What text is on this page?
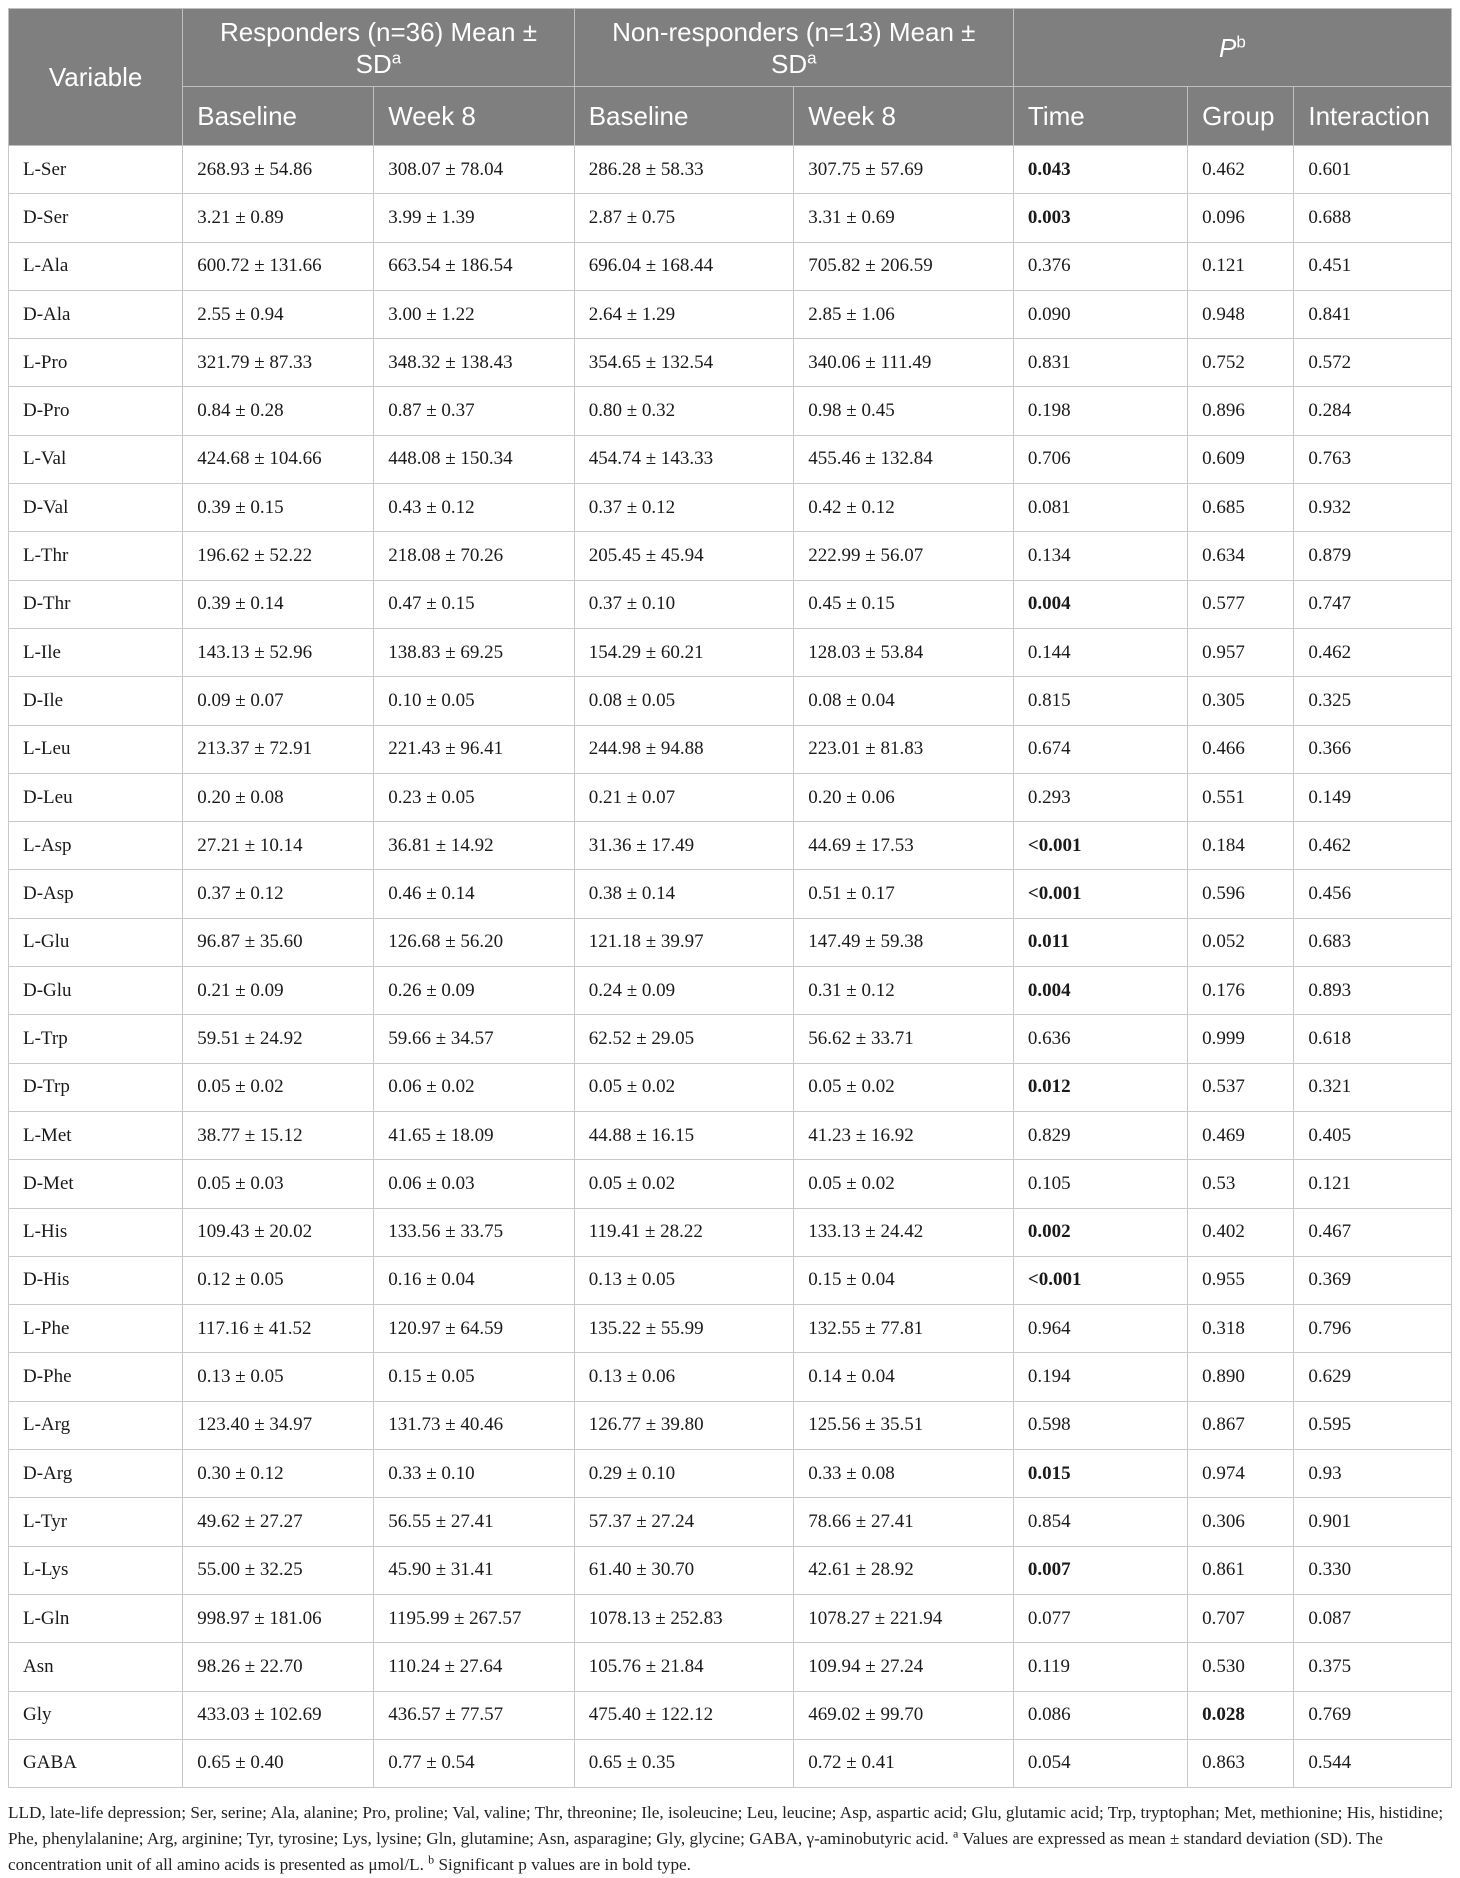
Variable	Responders (n=36) Mean ± $SD^a$		Non-responders (n=13) Mean ± $SD^a$		$P^b$
	Baseline	Week 8	Baseline	Week 8	Time	Group	Interaction
L-Ser	268.93 ± 54.86	308.07 ± 78.04	286.28 ± 58.33	307.75 ± 57.69	0.043	0.462	0.601
D-Ser	3.21 ± 0.89	3.99 ± 1.39	2.87 ± 0.75	3.31 ± 0.69	0.003	0.096	0.688
L-Ala	600.72 ± 131.66	663.54 ± 186.54	696.04 ± 168.44	705.82 ± 206.59	0.376	0.121	0.451
D-Ala	2.55 ± 0.94	3.00 ± 1.22	2.64 ± 1.29	2.85 ± 1.06	0.090	0.948	0.841
L-Pro	321.79 ± 87.33	348.32 ± 138.43	354.65 ± 132.54	340.06 ± 111.49	0.831	0.752	0.572
D-Pro	0.84 ± 0.28	0.87 ± 0.37	0.80 ± 0.32	0.98 ± 0.45	0.198	0.896	0.284
L-Val	424.68 ± 104.66	448.08 ± 150.34	454.74 ± 143.33	455.46 ± 132.84	0.706	0.609	0.763
D-Val	0.39 ± 0.15	0.43 ± 0.12	0.37 ± 0.12	0.42 ± 0.12	0.081	0.685	0.932
L-Thr	196.62 ± 52.22	218.08 ± 70.26	205.45 ± 45.94	222.99 ± 56.07	0.134	0.634	0.879
D-Thr	0.39 ± 0.14	0.47 ± 0.15	0.37 ± 0.10	0.45 ± 0.15	0.004	0.577	0.747
L-Ile	143.13 ± 52.96	138.83 ± 69.25	154.29 ± 60.21	128.03 ± 53.84	0.144	0.957	0.462
D-Ile	0.09 ± 0.07	0.10 ± 0.05	0.08 ± 0.05	0.08 ± 0.04	0.815	0.305	0.325
L-Leu	213.37 ± 72.91	221.43 ± 96.41	244.98 ± 94.88	223.01 ± 81.83	0.674	0.466	0.366
D-Leu	0.20 ± 0.08	0.23 ± 0.05	0.21 ± 0.07	0.20 ± 0.06	0.293	0.551	0.149
L-Asp	27.21 ± 10.14	36.81 ± 14.92	31.36 ± 17.49	44.69 ± 17.53	<0.001	0.184	0.462
D-Asp	0.37 ± 0.12	0.46 ± 0.14	0.38 ± 0.14	0.51 ± 0.17	<0.001	0.596	0.456
L-Glu	96.87 ± 35.60	126.68 ± 56.20	121.18 ± 39.97	147.49 ± 59.38	0.011	0.052	0.683
D-Glu	0.21 ± 0.09	0.26 ± 0.09	0.24 ± 0.09	0.31 ± 0.12	0.004	0.176	0.893
L-Trp	59.51 ± 24.92	59.66 ± 34.57	62.52 ± 29.05	56.62 ± 33.71	0.636	0.999	0.618
D-Trp	0.05 ± 0.02	0.06 ± 0.02	0.05 ± 0.02	0.05 ± 0.02	0.012	0.537	0.321
L-Met	38.77 ± 15.12	41.65 ± 18.09	44.88 ± 16.15	41.23 ± 16.92	0.829	0.469	0.405
D-Met	0.05 ± 0.03	0.06 ± 0.03	0.05 ± 0.02	0.05 ± 0.02	0.105	0.53	0.121
L-His	109.43 ± 20.02	133.56 ± 33.75	119.41 ± 28.22	133.13 ± 24.42	0.002	0.402	0.467
D-His	0.12 ± 0.05	0.16 ± 0.04	0.13 ± 0.05	0.15 ± 0.04	<0.001	0.955	0.369
L-Phe	117.16 ± 41.52	120.97 ± 64.59	135.22 ± 55.99	132.55 ± 77.81	0.964	0.318	0.796
D-Phe	0.13 ± 0.05	0.15 ± 0.05	0.13 ± 0.06	0.14 ± 0.04	0.194	0.890	0.629
L-Arg	123.40 ± 34.97	131.73 ± 40.46	126.77 ± 39.80	125.56 ± 35.51	0.598	0.867	0.595
D-Arg	0.30 ± 0.12	0.33 ± 0.10	0.29 ± 0.10	0.33 ± 0.08	0.015	0.974	0.93
L-Tyr	49.62 ± 27.27	56.55 ± 27.41	57.37 ± 27.24	78.66 ± 27.41	0.854	0.306	0.901
L-Lys	55.00 ± 32.25	45.90 ± 31.41	61.40 ± 30.70	42.61 ± 28.92	0.007	0.861	0.330
L-Gln	998.97 ± 181.06	1195.99 ± 267.57	1078.13 ± 252.83	1078.27 ± 221.94	0.077	0.707	0.087
Asn	98.26 ± 22.70	110.24 ± 27.64	105.76 ± 21.84	109.94 ± 27.24	0.119	0.530	0.375
Gly	433.03 ± 102.69	436.57 ± 77.57	475.40 ± 122.12	469.02 ± 99.70	0.086	0.028	0.769
GABA	0.65 ± 0.40	0.77 ± 0.54	0.65 ± 0.35	0.72 ± 0.41	0.054	0.863	0.544
LLD, late-life depression; Ser, serine; Ala, alanine; Pro, proline; Val, valine; Thr, threonine; Ile, isoleucine; Leu, leucine; Asp, aspartic acid; Glu, glutamic acid; Trp, tryptophan; Met, methionine; His, histidine; Phe, phenylalanine; Arg, arginine; Tyr, tyrosine; Lys, lysine; Gln, glutamine; Asn, asparagine; Gly, glycine; GABA, γ-aminobutyric acid. $^a$ Values are expressed as mean ± standard deviation (SD). The concentration unit of all amino acids is presented as μmol/L. $^b$ Significant p values are in bold type.
